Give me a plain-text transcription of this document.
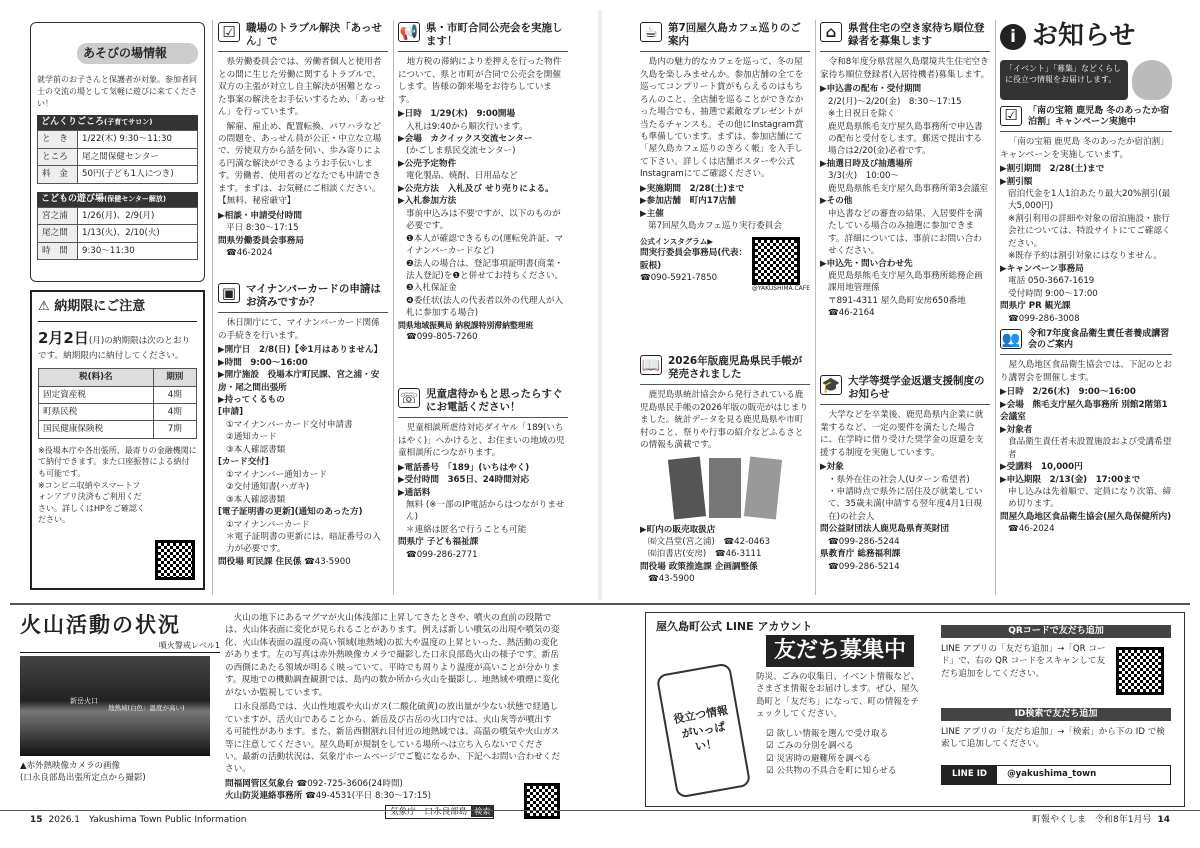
あそびの場情報
就学前のお子さんと保護者が対象。参加者同士の交流の場として気軽に遊びに来てください！
どんくりごころ(子育てサロン)
と　き	1/22(木) 9:30～11:30
ところ	尾之間保健センター
料　金	50円(子ども1人につき)
こどもの遊び場(保健センター解放)
宮之浦	1/26(月)、2/9(月)
尾之間	1/13(火)、2/10(火)
時　間	9:30～11:30
⚠ 納期限にご注意
2月2日(月)の納期限は次のとおりです。納期限内に納付してください。
税(料)名	期別
固定資産税	4期
町県民税	4期
国民健康保険税	7期
※役場本庁や各出張所、最寄りの金融機関にて納付できます。また口座振替による納付も可能です。
※コンビニ収納やスマートフォンアプリ決済もご利用ください。詳しくはHPをご確認ください。
☑ 職場のトラブル解決「あっせん」で
県労働委員会では、労働者個人と使用者との間に生じた労働に関するトラブルで、双方の主張が対立し自主解決が困難となった事案の解決をお手伝いするため、「あっせん」を行っています。
解雇、雇止め、配置転換、パワハラなどの問題を、あっせん員が公正・中立な立場で、労使双方から話を伺い、歩み寄りによる円満な解決ができるようお手伝いします。労働者、使用者のどなたでも申請できます。まずは、お気軽にご相談ください。【無料、秘密厳守】
▶相談・申請受付時間
平日 8:30～17:15
問県労働委員会事務局
☎46-2024
▣ マイナンバーカードの申請はお済みですか？
休日開庁にて、マイナンバーカード関係の手続きを行います。
▶開庁日　2/8(日)【※1月はありません】
▶時間　9:00～16:00
▶開庁施設　役場本庁町民課、宮之浦・安房・尾之間出張所
▶持ってくるもの
[申請]
①マイナンバーカード交付申請書
②通知カード
③本人確認書類
[カード交付]
①マイナンバー通知カード
②交付通知書(ハガキ)
③本人確認書類
[電子証明書の更新](通知のあった方)
①マイナンバーカード
＊電子証明書の更新には、暗証番号の入力が必要です。
問役場 町民課 住民係 ☎43-5900
📢 県・市町合同公売会を実施します！
地方税の滞納により差押えを行った物件について、県と市町が合同で公売会を開催します。皆様の御来場をお待ちしています。
▶日時　1/29(木)　9:00開場
入札は9:40から順次行います。
▶会場　カクイックス交流センター
(かごしま県民交流センター)
▶公売予定物件
電化製品、焼酎、日用品など
▶公売方法　入札及び せり売りによる。
▶入札参加方法
事前申込みは不要ですが、以下のものが必要です。
❶本人が確認できるもの(運転免許証、マイナンバーカードなど)
❷法人の場合は、登記事項証明書(商業・法人登記)を❶と併せてお持ちください。
❸入札保証金
❹委任状(法人の代表者以外の代理人が入札に参加する場合)
問県地域振興局 納税課特別滞納整理班
☎099-805-7260
☏ 児童虐待かもと思ったらすぐにお電話ください！
児童相談所虐待対応ダイヤル「189(いちはやく)」へかけると、お住まいの地域の児童相談所につながります。
▶電話番号　「189」(いちはやく)
▶受付時間　365日、24時間対応
▶通話料
無料 (※一部のIP電話からはつながりません)
＊連絡は匿名で行うことも可能
問県庁 子ども福祉課
☎099-286-2771
☕ 第7回屋久島カフェ巡りのご案内
島内の魅力的なカフェを巡って、冬の屋久島を楽しみませんか。参加店舗の全てを巡ってコンプリート賞がもらえるのはもちろんのこと、全店舗を巡ることができなかった場合でも、抽選で素敵なプレゼントが当たるチャンスも。その他にInstagram賞も準備しています。まずは、参加店舗にて「屋久島カフェ巡りのきろく帳」を入手して下さい。詳しくは店舗ポスターや公式Instagramにてご確認ください。
▶実施期間　2/28(土)まで
▶参加店舗　町内17店舗
▶主催
第7回屋久島カフェ巡り実行委員会
公式インスタグラム▶
問実行委員会事務局(代表：阪根)
☎090-5921-7850
@YAKUSHIMA.CAFE
📖 2026年版鹿児島県民手帳が発売されました
鹿児島県統計協会から発行されている鹿児島県民手帳の2026年版の販売がはじまりました。統計データを見る鹿児島県や市町村のこと、祭りや行事の紹介などふるさとの情報も満載です。
▶町内の販売取扱店
㈲文昌堂(宮之浦)　☎42-0463
㈲泊書店(安房)　☎46-3111
問役場 政策推進課 企画調整係
☎43-5900
⌂	県営住宅の空き家待ち順位登録者を募集します
令和8年度分県営屋久島環境共生住宅空き家待ち順位登録者(入居待機者)募集します。
▶申込書の配布・受付期間
2/2(月)～2/20(金)　8:30～17:15
※土日祝日を除く
鹿児島県熊毛支庁屋久島事務所で申込書の配布と受付をします。郵送で提出する場合は2/20(金)必着です。
▶抽選日時及び抽選場所
3/3(火)　10:00～
鹿児島県熊毛支庁屋久島事務所第3会議室
▶その他
申込書などの審査の結果、入居要件を満たしている場合のみ抽選に参加できます。詳細については、事前にお問い合わせください。
▶申込先・問い合わせ先
鹿児島県熊毛支庁屋久島事務所総務企画課用地管理係
〒891-4311 屋久島町安房650番地
☎46-2164
🎓 大学等奨学金返還支援制度のお知らせ
大学などを卒業後、鹿児島県内企業に就業するなど、一定の要件を満たした場合に、在学時に借り受けた奨学金の返還を支援する制度を実施しています。
▶対象
・県外在住の社会人(Uターン希望者)
・申請時点で県外に居住及び就業していて、35歳未満(申請する翌年度4月1日現在)の社会人
問公益財団法人鹿児島県育英財団
☎099-286-5244
県教育庁 総務福利課
☎099-286-5214
i お知らせ
「イベント」「募集」などくらしに役立つ情報をお届けします。
☑	「南の宝箱 鹿児島 冬のあったか宿泊割」キャンペーン実施中
「南の宝箱 鹿児島 冬のあったか宿泊割」キャンペーンを実施しています。
▶割引期間　2/28(土)まで
▶割引額
宿泊代金を1人1泊あたり最大20%割引(最大5,000円)
※割引利用の詳細や対象の宿泊施設・旅行会社については、特設サイトにてご確認ください。
※既存予約は割引対象にはなりません。
▶キャンペーン事務局
電話 050-3667-1619
受付時間 9:00～17:00
問県庁 PR 観光課
☎099-286-3008
👥 令和7年度食品衛生責任者養成講習会のご案内
屋久島地区食品衛生協会では、下記のとおり講習会を開催します。
▶日時　2/26(木)　9:00～16:00
▶会場　熊毛支庁屋久島事務所 別館2階第1会議室
▶対象者
食品衛生責任者未設置施設および受講希望者
▶受講料　10,000円
▶申込期限　2/13(金)　17:00まで
申し込みは先着順で、定員になり次第、締め切ります。
問屋久島地区食品衛生協会(屋久島保健所内)
☎46-2024
火山活動の状況
噴火警戒レベル1
新岳火口
地熱域(白色：温度が高い)
▲赤外熱映像カメラの画像
(口永良部島出張所定点から撮影)
火山の地下にあるマグマが火山体浅部に上昇してきたときや、噴火の直前の段階では、火山体表面に変化が見られることがあります。例えば新しい噴気の出現や噴気の変化、火山体表面の温度の高い領域(地熱域)の拡大や温度の上昇といった、熱活動の変化があります。左の写真は赤外熱映像カメラで撮影した口永良部島火山の様子です。新岳の西側にあたる領域が明るく映っていて、平時でも周りより温度が高いことが分かります。現地での機動調査観測では、島内の数か所から火山を撮影し、地熱域や噴煙に変化がないか監視しています。
口永良部島では、火山性地震や火山ガス(二酸化硫黄)の放出量が少ない状態で経過していますが、活火山であることから、新岳及び古岳の火口内では、火山灰等が噴出する可能性があります。また、新岳西側割れ目付近の地熱域では、高温の噴気や火山ガス等に注意してください。屋久島町が規制をしている場所へは立ち入らないでください。最新の活動状況は、気象庁ホームページでご覧になるか、下記へお問い合わせください。
問福岡管区気象台 ☎092-725-3606(24時間)
火山防災連絡事務所 ☎49-4531(平日 8:30～17:15)
気象庁　口永良部島 検索
屋久島町公式 LINE アカウント
友だち募集中
役立つ情報がいっぱい！
防災、ごみの収集日、イベント情報など、さまざま情報をお届けします。ぜひ、屋久島町と「友だち」になって、町の情報をチェックしてください。
☑ 欲しい情報を選んで受け取る
☑ ごみの分別を調べる
☑ 災害時の避難所を調べる
☑ 公共物の不具合を町に知らせる
QRコードで友だち追加
LINE アプリの「友だち追加」→「QR コード」で、右の QR コードをスキャンして友だち追加をしてください。
ID検索で友だち追加
LINE アプリの「友だち追加」→「検索」から下の ID で検索して追加してください。
LINE ID	@yakushima_town
15 2026.1　Yakushima Town Public Information	町報やくしま　令和8年1月号 14
